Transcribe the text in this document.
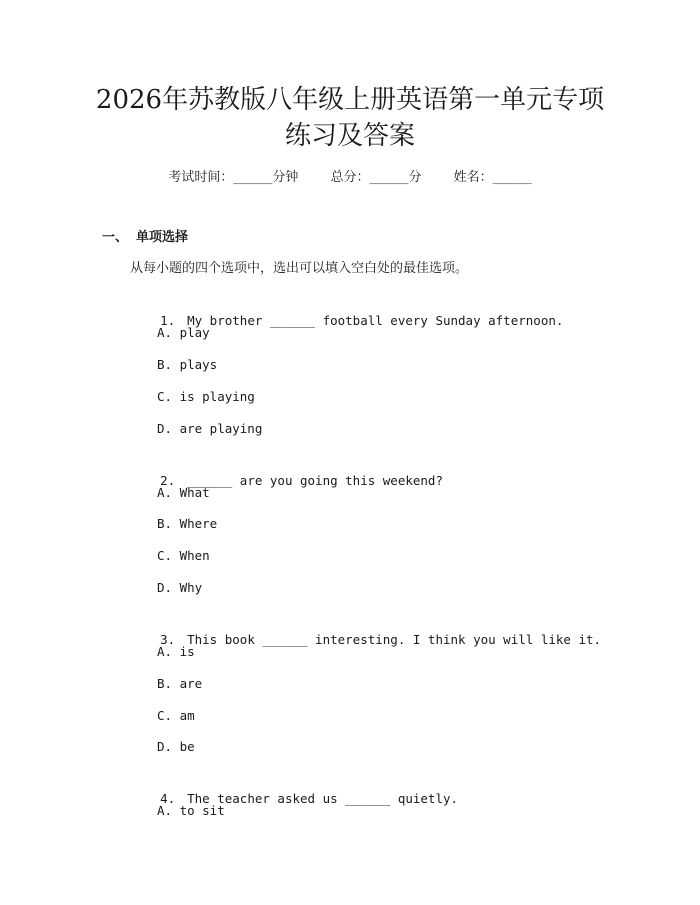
2026年苏教版八年级上册英语第一单元专项
练习及答案
考试时间：______分钟 总分：______分 姓名：______
一、 单项选择
从每小题的四个选项中，选出可以填入空白处的最佳选项。

1. My brother ______ football every Sunday afternoon.

A. play
B. plays
C. is playing
D. are playing

2. ______ are you going this weekend?

A. What
B. Where
C. When
D. Why

3. This book ______ interesting. I think you will like it.

A. is
B. are
C. am
D. be

4. The teacher asked us ______ quietly.

A. to sit
